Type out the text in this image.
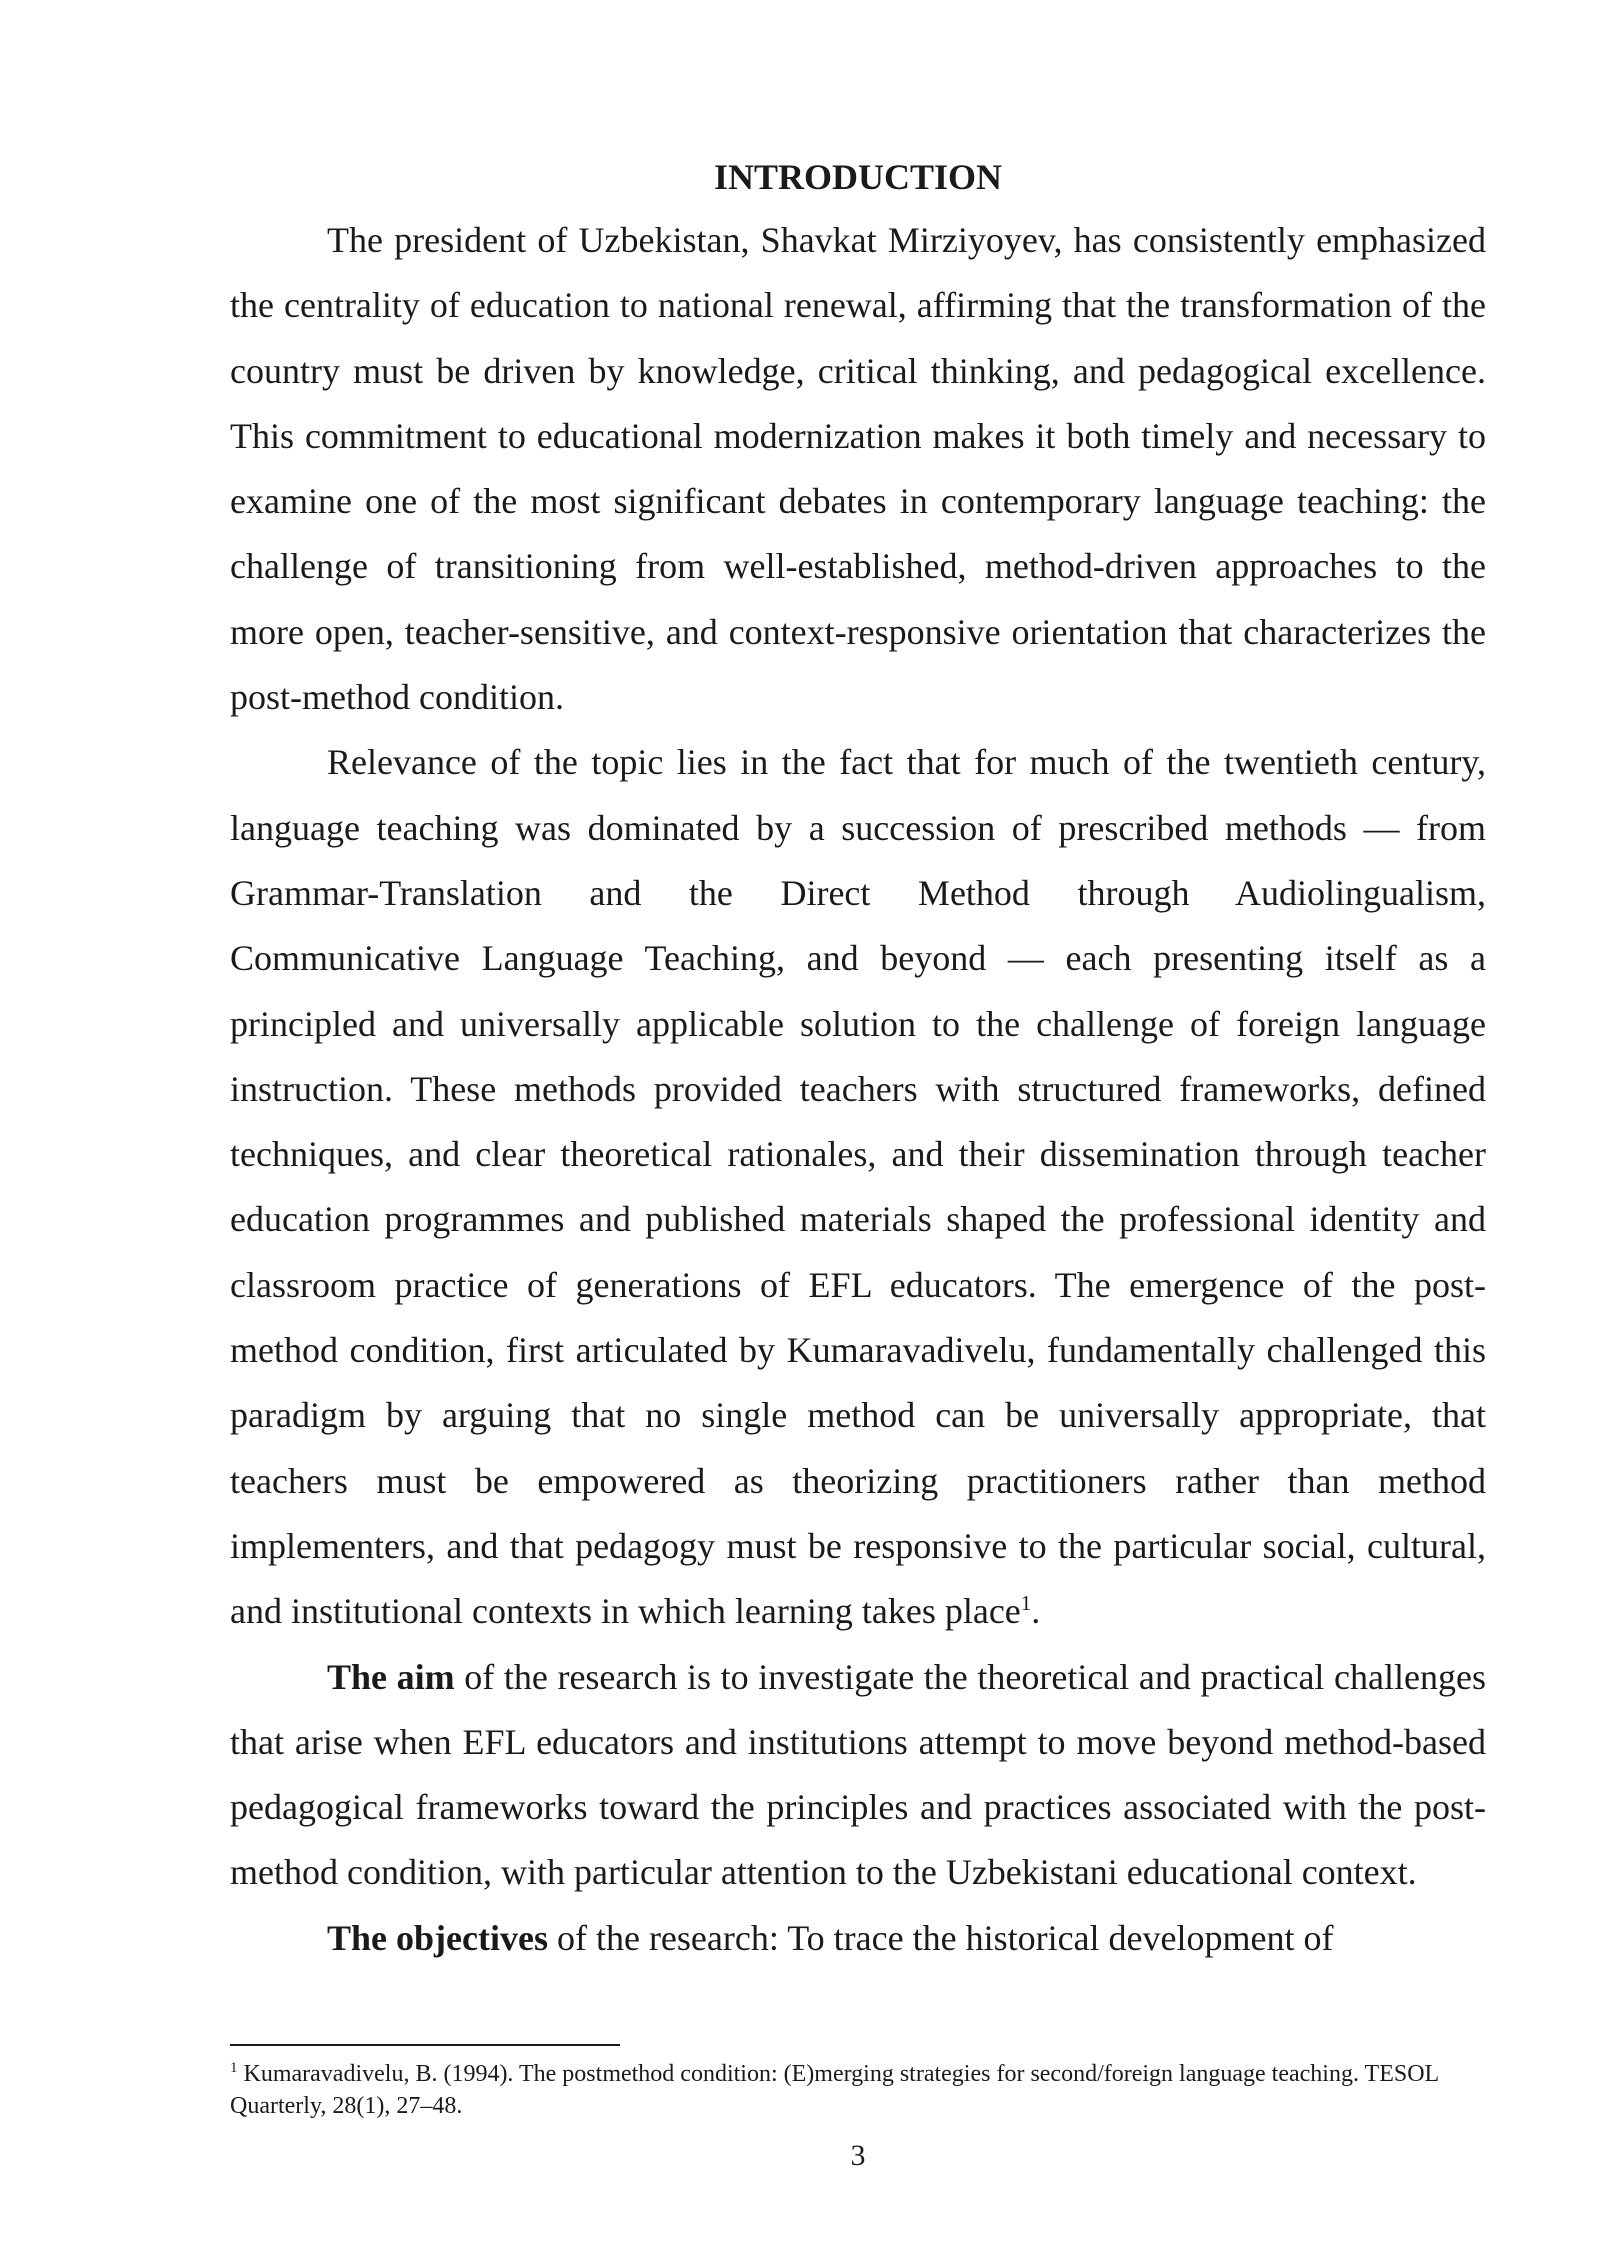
INTRODUCTION

The president of Uzbekistan, Shavkat Mirziyoyev, has consistently emphasized the centrality of education to national renewal, affirming that the transformation of the country must be driven by knowledge, critical thinking, and pedagogical excellence. This commitment to educational modernization makes it both timely and necessary to examine one of the most significant debates in contemporary language teaching: the challenge of transitioning from well-established, method-driven approaches to the more open, teacher-sensitive, and context-responsive orientation that characterizes the post-method condition.

Relevance of the topic lies in the fact that for much of the twentieth century, language teaching was dominated by a succession of prescribed methods — from Grammar-Translation and the Direct Method through Audiolingualism, Communicative Language Teaching, and beyond — each presenting itself as a principled and universally applicable solution to the challenge of foreign language instruction. These methods provided teachers with structured frameworks, defined techniques, and clear theoretical rationales, and their dissemination through teacher education programmes and published materials shaped the professional identity and classroom practice of generations of EFL educators. The emergence of the post-method condition, first articulated by Kumaravadivelu, fundamentally challenged this paradigm by arguing that no single method can be universally appropriate, that teachers must be empowered as theorizing practitioners rather than method implementers, and that pedagogy must be responsive to the particular social, cultural, and institutional contexts in which learning takes place$^1$.

The aim of the research is to investigate the theoretical and practical challenges that arise when EFL educators and institutions attempt to move beyond method-based pedagogical frameworks toward the principles and practices associated with the post-method condition, with particular attention to the Uzbekistani educational context.

The objectives of the research: To trace the historical development of

$^1$ Kumaravadivelu, B. (1994). The postmethod condition: (E)merging strategies for second/foreign language teaching. TESOL Quarterly, 28(1), 27–48.

3
